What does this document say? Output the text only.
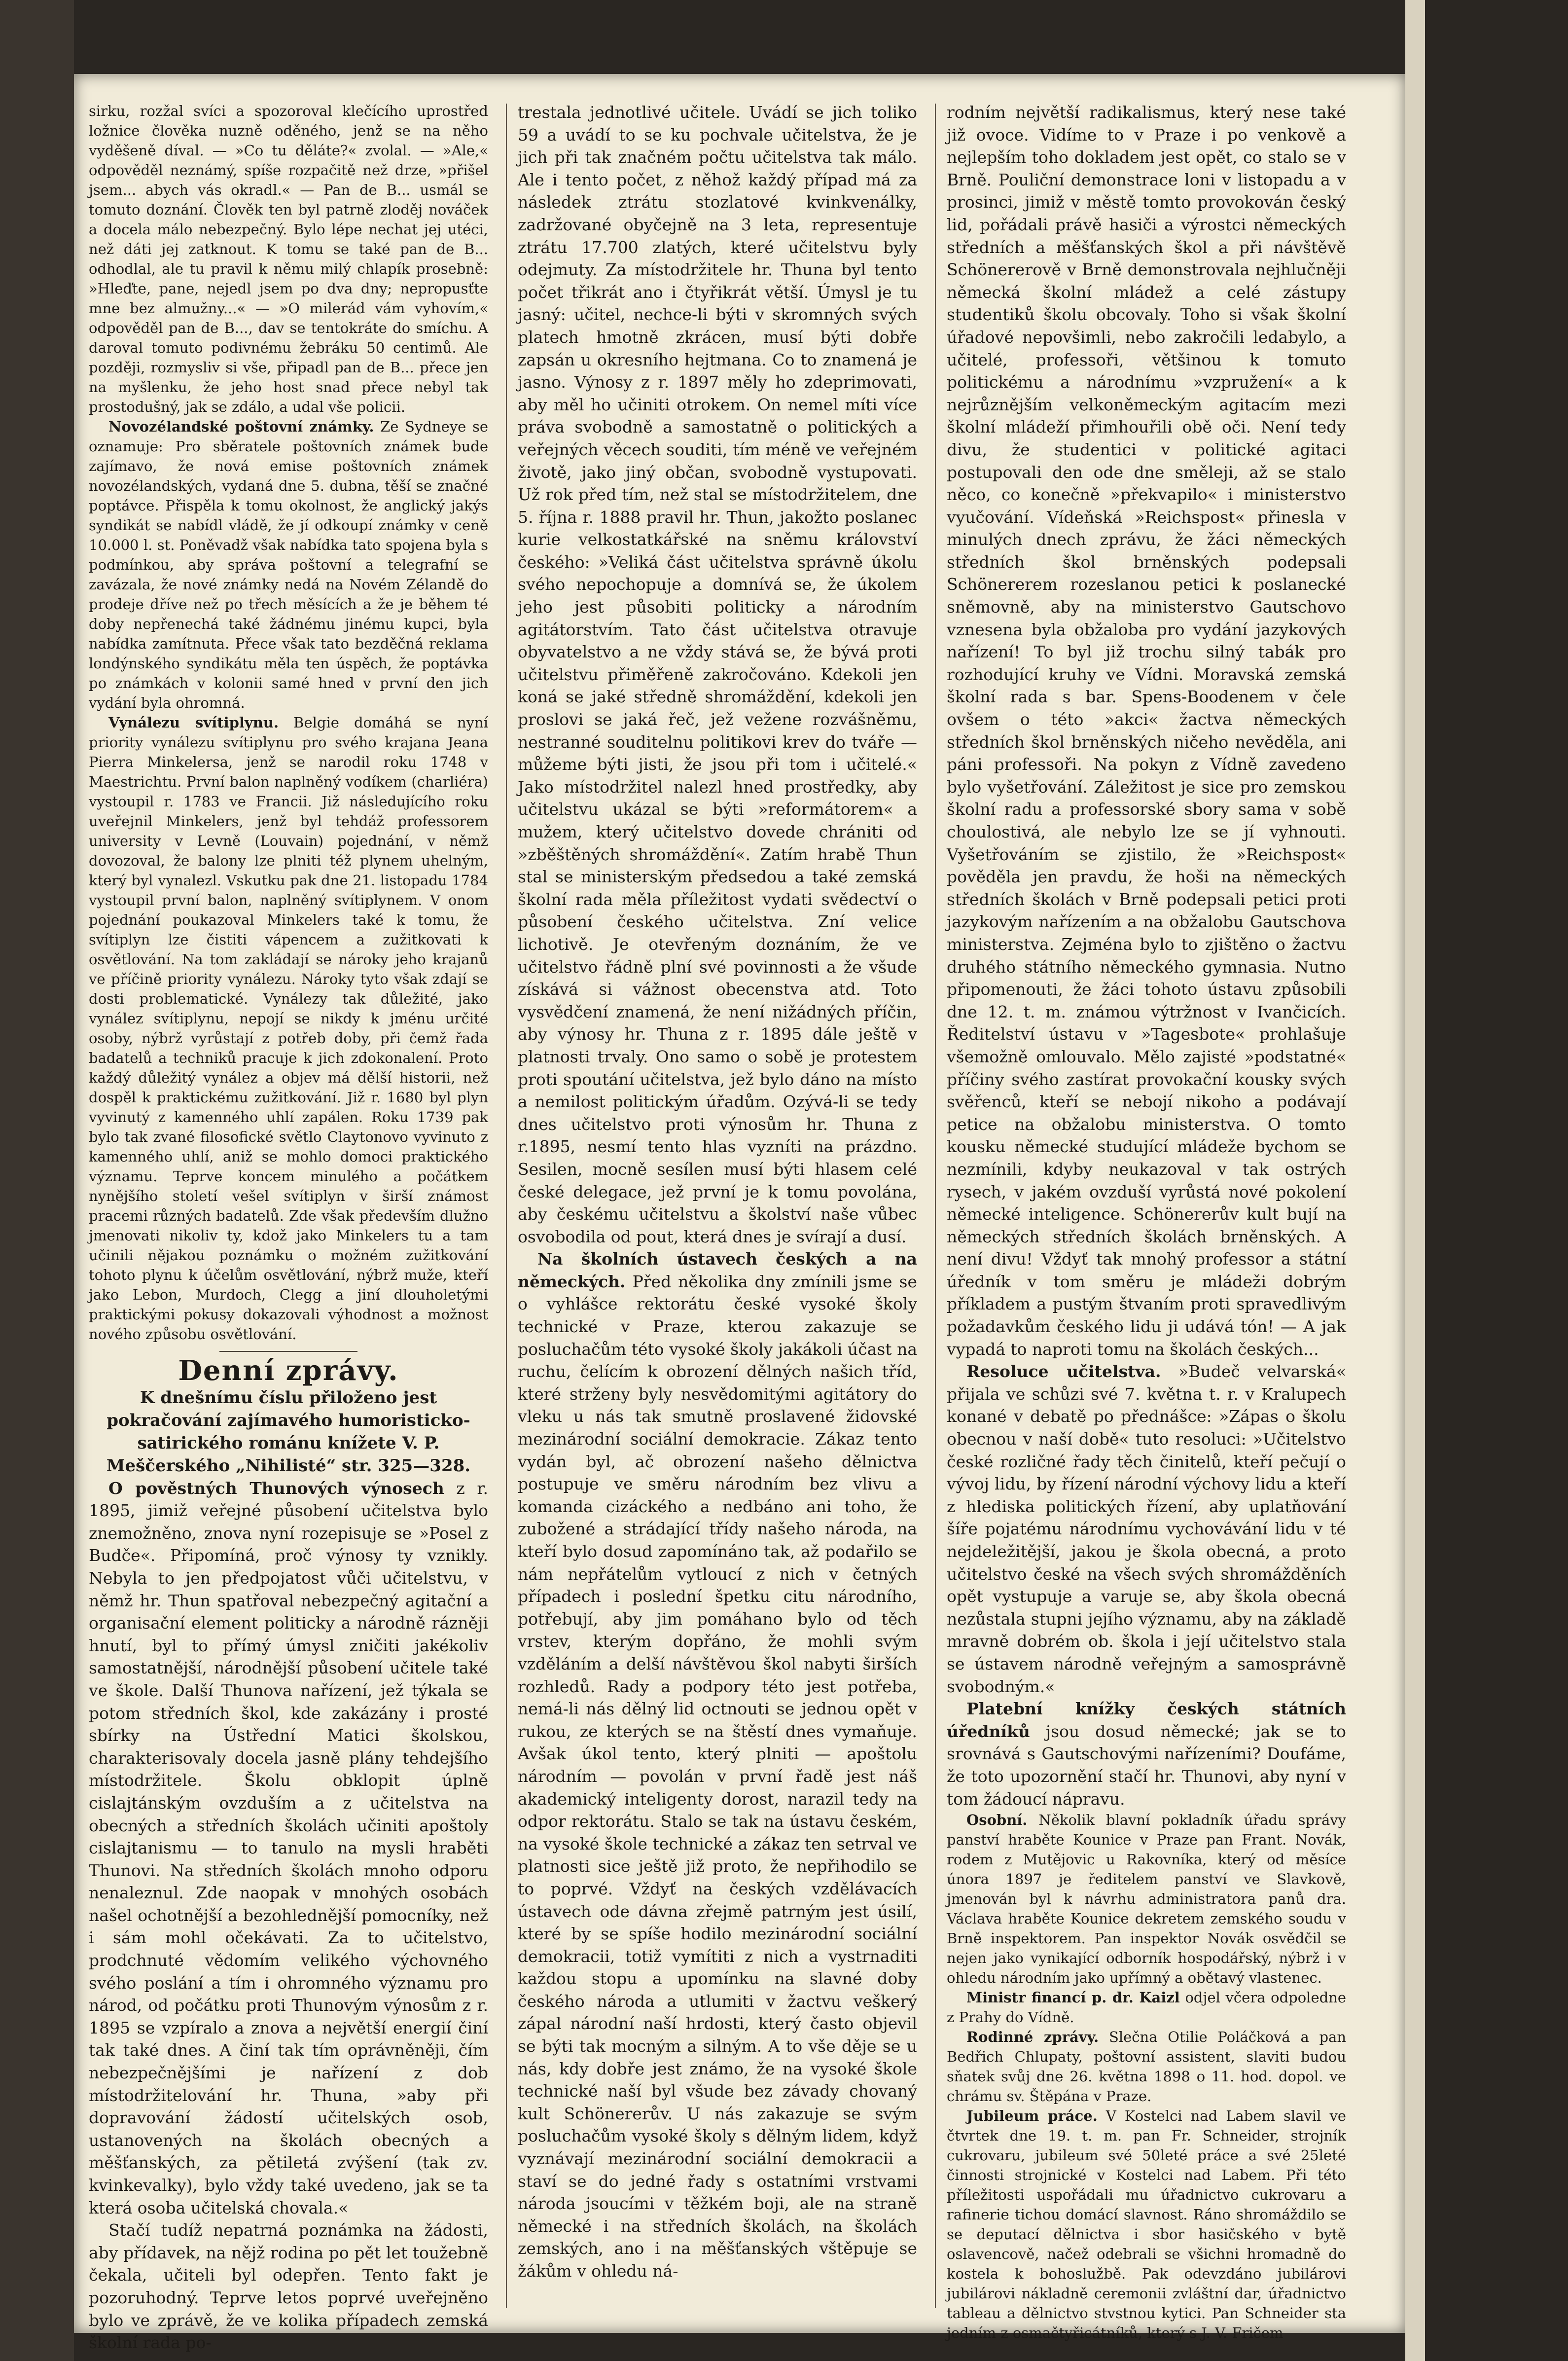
sirku, rozžal svíci a spozoroval klečícího uprostřed ložnice člověka nuzně oděného, jenž se na něho vyděšeně díval. — »Co tu děláte?« zvolal. — »Ale,« odpověděl neznámý, spíše rozpačitě než drze, »přišel jsem... abych vás okradl.« — Pan de B... usmál se tomuto doznání. Člověk ten byl patrně zloděj nováček a docela málo nebezpečný. Bylo lépe nechat jej utéci, než dáti jej zatknout. K tomu se také pan de B... odhodlal, ale tu pravil k němu milý chlapík prosebně: »Hleďte, pane, nejedl jsem po dva dny; nepropusťte mne bez almužny...« — »O milerád vám vyhovím,« odpověděl pan de B..., dav se tentokráte do smíchu. A daroval tomuto podivnému žebráku 50 centimů. Ale později, rozmysliv si vše, připadl pan de B... přece jen na myšlenku, že jeho host snad přece nebyl tak prostodušný, jak se zdálo, a udal vše policii.

Novozélandské poštovní známky. Ze Sydneye se oznamuje: Pro sběratele poštovních známek bude zajímavo, že nová emise poštovních známek novozélandských, vydaná dne 5. dubna, těší se značné poptávce. Přispěla k tomu okolnost, že anglický jakýs syndikát se nabídl vládě, že jí odkoupí známky v ceně 10.000 l. st. Poněvadž však nabídka tato spojena byla s podmínkou, aby správa poštovní a telegrafní se zavázala, že nové známky nedá na Novém Zélandě do prodeje dříve než po třech měsících a že je během té doby nepřenechá také žádnému jinému kupci, byla nabídka zamítnuta. Přece však tato bezděčná reklama londýnského syndikátu měla ten úspěch, že poptávka po známkách v kolonii samé hned v první den jich vydání byla ohromná.

Vynálezu svítiplynu. Belgie domáhá se nyní priority vynálezu svítiplynu pro svého krajana Jeana Pierra Minkelersa, jenž se narodil roku 1748 v Maestrichtu. První balon naplněný vodíkem (charliéra) vystoupil r. 1783 ve Francii. Již následujícího roku uveřejnil Minkelers, jenž byl tehdáž professorem university v Levně (Louvain) pojednání, v němž dovozoval, že balony lze plniti též plynem uhelným, který byl vynalezl. Vskutku pak dne 21. listopadu 1784 vystoupil první balon, naplněný svítiplynem. V onom pojednání poukazoval Minkelers také k tomu, že svítiplyn lze čistiti vápencem a zužitkovati k osvětlování. Na tom zakládají se nároky jeho krajanů ve příčině priority vynálezu. Nároky tyto však zdají se dosti problematické. Vynálezy tak důležité, jako vynález svítiplynu, nepojí se nikdy k jménu určité osoby, nýbrž vyrůstají z potřeb doby, při čemž řada badatelů a techniků pracuje k jich zdokonalení. Proto každý důležitý vynález a objev má dělší historii, než dospěl k praktickému zužitkování. Již r. 1680 byl plyn vyvinutý z kamenného uhlí zapálen. Roku 1739 pak bylo tak zvané filosofické světlo Claytonovo vyvinuto z kamenného uhlí, aniž se mohlo domoci praktického významu. Teprve koncem minulého a počátkem nynějšího století vešel svítiplyn v širší známost pracemi různých badatelů. Zde však především dlužno jmenovati nikoliv ty, kdož jako Minkelers tu a tam učinili nějakou poznámku o možném zužitkování tohoto plynu k účelům osvětlování, nýbrž muže, kteří jako Lebon, Murdoch, Clegg a jiní dlouholetými praktickými pokusy dokazovali výhodnost a možnost nového způsobu osvětlování.

Denní zprávy.
K dnešnímu číslu přiloženo jest pokračování zajímavého humoristicko-satirického románu knížete V. P. Meščerského „Nihilisté“ str. 325—328.

O pověstných Thunových výnosech z r. 1895, jimiž veřejné působení učitelstva bylo znemožněno, znova nyní rozepisuje se »Posel z Budče«. Připomíná, proč výnosy ty vznikly. Nebyla to jen předpojatost vůči učitelstvu, v němž hr. Thun spatřoval nebezpečný agitační a organisační element politicky a národně rázněji hnutí, byl to přímý úmysl zničiti jakékoliv samostatnější, národnější působení učitele také ve škole. Další Thunova nařízení, jež týkala se potom středních škol, kde zakázány i prosté sbírky na Ústřední Matici školskou, charakterisovaly docela jasně plány tehdejšího místodržitele. Školu obklopit úplně cislajtánským ovzduším a z učitelstva na obecných a středních školách učiniti apoštoly cislajtanismu — to tanulo na mysli hraběti Thunovi. Na středních školách mnoho odporu nenaleznul. Zde naopak v mnohých osobách našel ochotnější a bezohlednější pomocníky, než i sám mohl očekávati. Za to učitelstvo, prodchnuté vědomím velikého výchovného svého poslání a tím i ohromného významu pro národ, od počátku proti Thunovým výnosům z r. 1895 se vzpíralo a znova a největší energií činí tak také dnes. A činí tak tím oprávněněji, čím nebezpečnějšími je nařízení z dob místodržitelování hr. Thuna, »aby při dopravování žádostí učitelských osob, ustanovených na školách obecných a měšťanských, za pětiletá zvýšení (tak zv. kvinkevalky), bylo vždy také uvedeno, jak se ta která osoba učitelská chovala.«

Stačí tudíž nepatrná poznámka na žádosti, aby přídavek, na nějž rodina po pět let toužebně čekala, učiteli byl odepřen. Tento fakt je pozoruhodný. Teprve letos poprvé uveřejněno bylo ve zprávě, že ve kolika případech zemská školní rada po-

trestala jednotlivé učitele. Uvádí se jich toliko 59 a uvádí to se ku pochvale učitelstva, že je jich při tak značném počtu učitelstva tak málo. Ale i tento počet, z něhož každý případ má za následek ztrátu stozlatové kvinkvenálky, zadržované obyčejně na 3 leta, representuje ztrátu 17.700 zlatých, které učitelstvu byly odejmuty. Za místodržitele hr. Thuna byl tento počet třikrát ano i čtyřikrát větší. Úmysl je tu jasný: učitel, nechce-li býti v skromných svých platech hmotně zkrácen, musí býti dobře zapsán u okresního hejtmana. Co to znamená je jasno. Výnosy z r. 1897 měly ho zdeprimovati, aby měl ho učiniti otrokem. On nemel míti více práva svobodně a samostatně o politických a veřejných věcech souditi, tím méně ve veřejném životě, jako jiný občan, svobodně vystupovati. Už rok před tím, než stal se místodržitelem, dne 5. října r. 1888 pravil hr. Thun, jakožto poslanec kurie velkostatkářské na sněmu království českého: »Veliká část učitelstva správně úkolu svého nepochopuje a domnívá se, že úkolem jeho jest působiti politicky a národním agitátorstvím. Tato část učitelstva otravuje obyvatelstvo a ne vždy stává se, že bývá proti učitelstvu přiměřeně zakročováno. Kdekoli jen koná se jaké středně shromáždění, kdekoli jen proslovi se jaká řeč, jež vežene rozvášněmu, nestranné souditelnu politikovi krev do tváře — můžeme býti jisti, že jsou při tom i učitelé.« Jako místodržitel nalezl hned prostředky, aby učitelstvu ukázal se býti »reformátorem« a mužem, který učitelstvo dovede chrániti od »zběštěných shromáždění«. Zatím hrabě Thun stal se ministerským předsedou a také zemská školní rada měla příležitost vydati svědectví o působení českého učitelstva. Zní velice lichotivě. Je otevřeným doznáním, že ve učitelstvo řádně plní své povinnosti a že všude získává si vážnost obecenstva atd. Toto vysvědčení znamená, že není nižádných příčin, aby výnosy hr. Thuna z r. 1895 dále ještě v platnosti trvaly. Ono samo o sobě je protestem proti spoutání učitelstva, jež bylo dáno na místo a nemilost politickým úřadům. Ozývá-li se tedy dnes učitelstvo proti výnosům hr. Thuna z r.1895, nesmí tento hlas vyzníti na prázdno. Sesilen, mocně sesílen musí býti hlasem celé české delegace, jež první je k tomu povolána, aby českému učitelstvu a školství naše vůbec osvobodila od pout, která dnes je svírají a dusí.

Na školních ústavech českých a na německých. Před několika dny zmínili jsme se o vyhlášce rektorátu české vysoké školy technické v Praze, kterou zakazuje se posluchačům této vysoké školy jakákoli účast na ruchu, čelícím k obrození dělných našich tříd, které strženy byly nesvědomitými agitátory do vleku u nás tak smutně proslavené židovské mezinárodní sociální demokracie. Zákaz tento vydán byl, ač obrození našeho dělnictva postupuje ve směru národním bez vlivu a komanda cizáckého a nedbáno ani toho, že zubožené a strádající třídy našeho národa, na kteří bylo dosud zapomínáno tak, až podařilo se nám nepřátelům vytloucí z nich v četných případech i poslední špetku citu národního, potřebují, aby jim pomáhano bylo od těch vrstev, kterým dopřáno, že mohli svým vzděláním a delší návštěvou škol nabyti širších rozhledů. Rady a podpory této jest potřeba, nemá-li nás dělný lid octnouti se jednou opět v rukou, ze kterých se na štěstí dnes vymaňuje. Avšak úkol tento, který plniti — apoštolu národním — povolán v první řadě jest náš akademický inteligenty dorost, narazil tedy na odpor rektorátu. Stalo se tak na ústavu českém, na vysoké škole technické a zákaz ten setrval ve platnosti sice ještě již proto, že nepřihodilo se to poprvé. Vždyť na českých vzdělávacích ústavech ode dávna zřejmě patrným jest úsilí, které by se spíše hodilo mezinárodní sociální demokracii, totiž vymítiti z nich a vystrnaditi každou stopu a upomínku na slavné doby českého národa a utlumiti v žactvu veškerý zápal národní naší hrdosti, který často objevil se býti tak mocným a silným. A to vše děje se u nás, kdy dobře jest známo, že na vysoké škole technické naší byl všude bez závady chovaný kult Schönererův. U nás zakazuje se svým posluchačům vysoké školy s dělným lidem, když vyznávají mezinárodní sociální demokracii a staví se do jedné řady s ostatními vrstvami národa jsoucími v těžkém boji, ale na straně německé i na středních školách, na školách zemských, ano i na měšťanských vštěpuje se žákům v ohledu ná-

rodním největší radikalismus, který nese také již ovoce. Vidíme to v Praze i po venkově a nejlepším toho dokladem jest opět, co stalo se v Brně. Pouliční demonstrace loni v listopadu a v prosinci, jimiž v městě tomto provokován český lid, pořádali právě hasiči a výrostci německých středních a měšťanských škol a při návštěvě Schönererově v Brně demonstrovala nejhlučněji německá školní mládež a celé zástupy studentiků školu obcovaly. Toho si však školní úřadové nepovšimli, nebo zakročili ledabylo, a učitelé, professoři, většinou k tomuto politickému a národnímu »vzpružení« a k nejrůznějším velkoněmeckým agitacím mezi školní mládeží přimhouřili obě oči. Není tedy divu, že studentici v politické agitaci postupovali den ode dne směleji, až se stalo něco, co konečně »překvapilo« i ministerstvo vyučování. Vídeňská »Reichspost« přinesla v minulých dnech zprávu, že žáci německých středních škol brněnských podepsali Schönererem rozeslanou petici k poslanecké sněmovně, aby na ministerstvo Gautschovo vznesena byla obžaloba pro vydání jazykových nařízení! To byl již trochu silný tabák pro rozhodující kruhy ve Vídni. Moravská zemská školní rada s bar. Spens-Boodenem v čele ovšem o této »akci« žactva německých středních škol brněnských ničeho nevěděla, ani páni professoři. Na pokyn z Vídně zavedeno bylo vyšetřování. Záležitost je sice pro zemskou školní radu a professorské sbory sama v sobě choulostivá, ale nebylo lze se jí vyhnouti. Vyšetřováním se zjistilo, že »Reichspost« pověděla jen pravdu, že hoši na německých středních školách v Brně podepsali petici proti jazykovým nařízením a na obžalobu Gautschova ministerstva. Zejména bylo to zjištěno o žactvu druhého státního německého gymnasia. Nutno připomenouti, že žáci tohoto ústavu způsobili dne 12. t. m. známou výtržnost v Ivančicích. Ředitelství ústavu v »Tagesbote« prohlašuje všemožně omlouvalo. Mělo zajisté »podstatné« příčiny svého zastírat provokační kousky svých svěřenců, kteří se nebojí nikoho a podávají petice na obžalobu ministerstva. O tomto kousku německé studující mládeže bychom se nezmínili, kdyby neukazoval v tak ostrých rysech, v jakém ovzduší vyrůstá nové pokolení německé inteligence. Schönererův kult bují na německých středních školách brněnských. A není divu! Vždyť tak mnohý professor a státní úředník v tom směru je mládeži dobrým příkladem a pustým štvaním proti spravedlivým požadavkům českého lidu ji udává tón! — A jak vypadá to naproti tomu na školách českých...

Resoluce učitelstva. »Budeč velvarská« přijala ve schůzi své 7. května t. r. v Kralupech konané v debatě po přednášce: »Zápas o školu obecnou v naší době« tuto resoluci: »Učitelstvo české rozličné řady těch činitelů, kteří pečují o vývoj lidu, by řízení národní výchovy lidu a kteří z hlediska politických řízení, aby uplatňování šíře pojatému národnímu vychovávání lidu v té nejdeležitější, jakou je škola obecná, a proto učitelstvo české na všech svých shromážděních opět vystupuje a varuje se, aby škola obecná nezůstala stupni jejího významu, aby na základě mravně dobrém ob. škola i její učitelstvo stala se ústavem národně veřejným a samosprávně svobodným.«

Platební knížky českých státních úředníků jsou dosud německé; jak se to srovnává s Gautschovými nařízeními? Doufáme, že toto upozornění stačí hr. Thunovi, aby nyní v tom žádoucí nápravu.

Osobní. Několik blavní pokladník úřadu správy panství hraběte Kounice v Praze pan Frant. Novák, rodem z Mutějovic u Rakovníka, který od měsíce února 1897 je ředitelem panství ve Slavkově, jmenován byl k návrhu administratora panů dra. Václava hraběte Kounice dekretem zemského soudu v Brně inspektorem. Pan inspektor Novák osvědčil se nejen jako vynikající odborník hospodářský, nýbrž i v ohledu národním jako upřímný a obětavý vlastenec.

Ministr financí p. dr. Kaizl odjel včera odpoledne z Prahy do Vídně.

Rodinné zprávy. Slečna Otilie Poláčková a pan Bedřich Chlupaty, poštovní assistent, slaviti budou sňatek svůj dne 26. května 1898 o 11. hod. dopol. ve chrámu sv. Štěpána v Praze.

Jubileum práce. V Kostelci nad Labem slavil ve čtvrtek dne 19. t. m. pan Fr. Schneider, strojník cukrovaru, jubileum své 50leté práce a své 25leté činnosti strojnické v Kostelci nad Labem. Při této příležitosti uspořádali mu úřadnictvo cukrovaru a rafinerie tichou domácí slavnost. Ráno shromáždilo se se deputací dělnictva i sbor hasičského v bytě oslavencově, načež odebrali se všichni hromadně do kostela k bohoslužbě. Pak odevzdáno jubilárovi jubilárovi nákladně ceremonii zvláštní dar, úřadnictvo tableau a dělnictvo stvstnou kytici. Pan Schneider sta jedním z osmačtyřicátníků, který s J. V. Fričem
